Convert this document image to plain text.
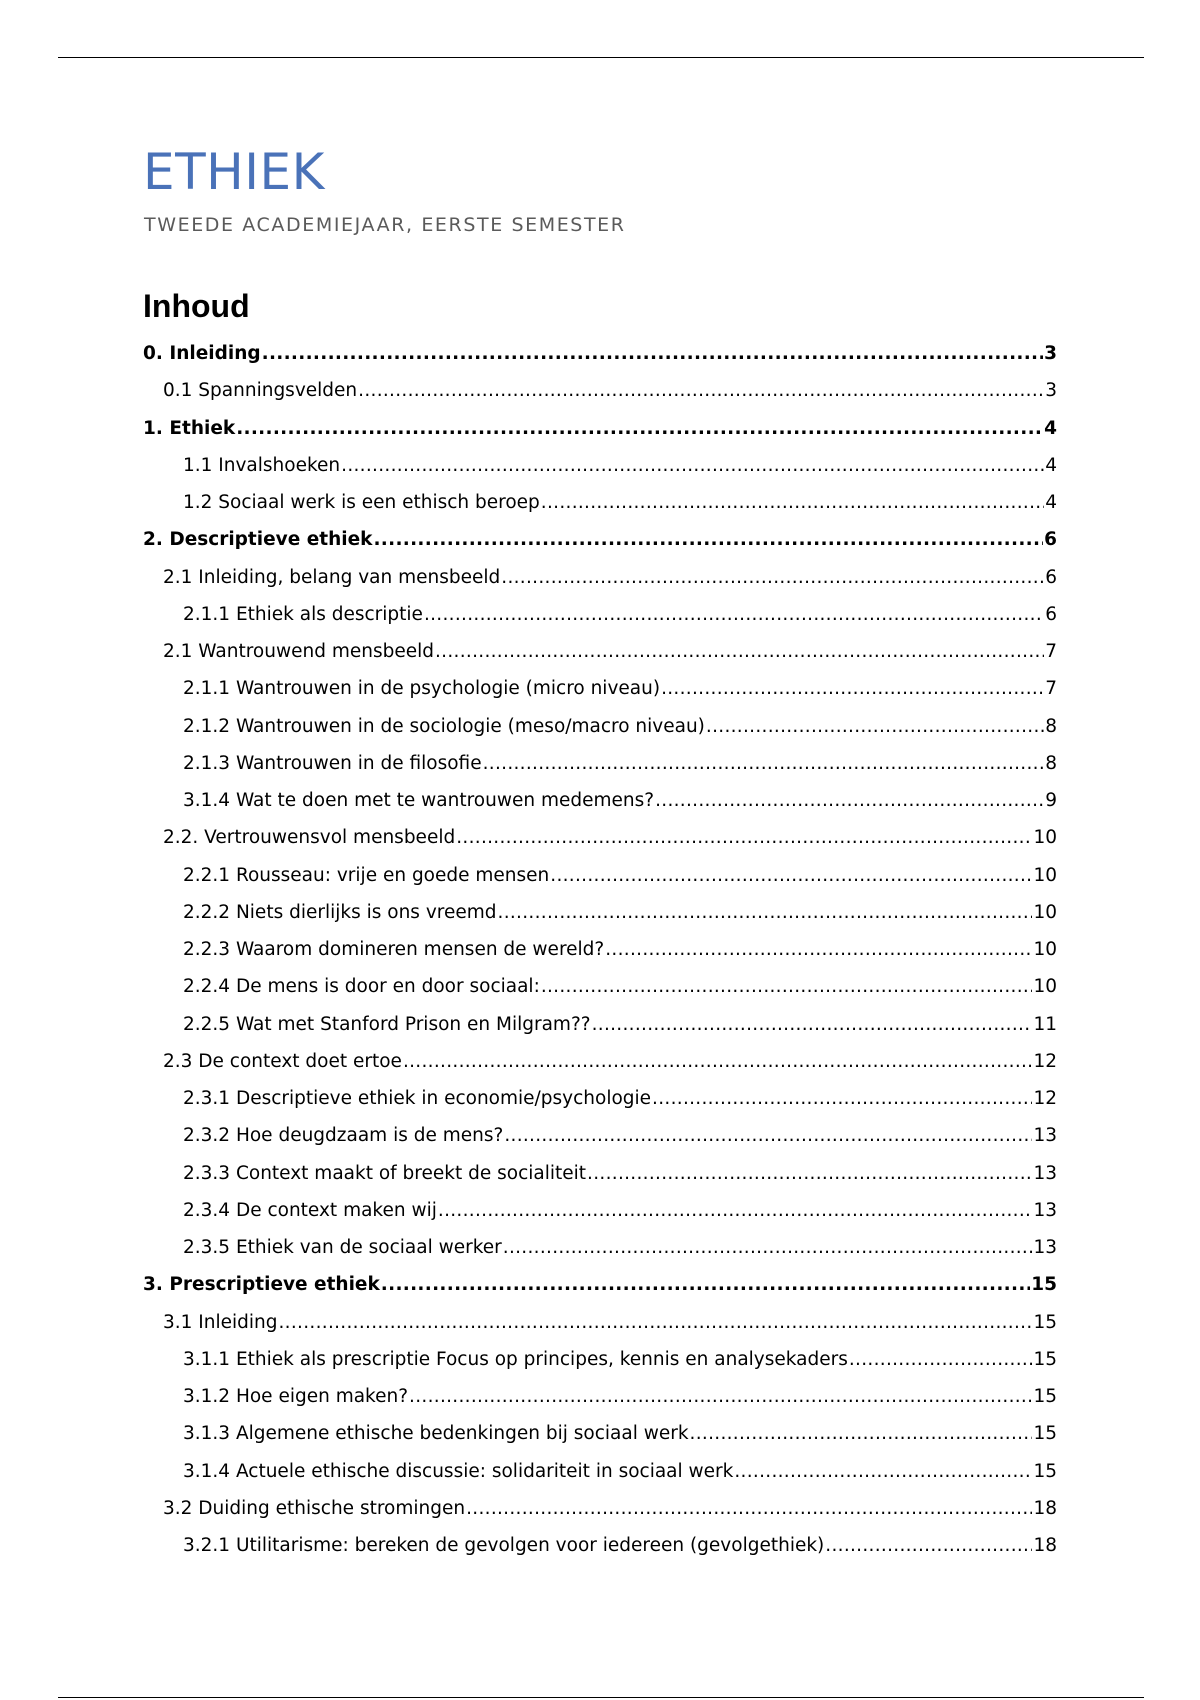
ETHIEK
TWEEDE ACADEMIEJAAR, EERSTE SEMESTER
Inhoud
0. Inleiding .....	3
0.1 Spanningsvelden .....	3
1. Ethiek .....	4
1.1 Invalshoeken .....	4
1.2 Sociaal werk is een ethisch beroep .....	4
2. Descriptieve ethiek .....	6
2.1 Inleiding, belang van mensbeeld .....	6
2.1.1 Ethiek als descriptie .....	6
2.1 Wantrouwend mensbeeld .....	7
2.1.1 Wantrouwen in de psychologie (micro niveau) .....	7
2.1.2 Wantrouwen in de sociologie (meso/macro niveau) .....	8
2.1.3 Wantrouwen in de filosofie .....	8
3.1.4 Wat te doen met te wantrouwen medemens? .....	9
2.2. Vertrouwensvol mensbeeld .....	10
2.2.1 Rousseau: vrije en goede mensen .....	10
2.2.2 Niets dierlijks is ons vreemd .....	10
2.2.3 Waarom domineren mensen de wereld? .....	10
2.2.4 De mens is door en door sociaal: .....	10
2.2.5 Wat met Stanford Prison en Milgram?? .....	11
2.3 De context doet ertoe .....	12
2.3.1 Descriptieve ethiek in economie/psychologie .....	12
2.3.2 Hoe deugdzaam is de mens? .....	13
2.3.3 Context maakt of breekt de socialiteit .....	13
2.3.4 De context maken wij .....	13
2.3.5 Ethiek van de sociaal werker .....	13
3. Prescriptieve ethiek .....	15
3.1 Inleiding .....	15
3.1.1 Ethiek als prescriptie Focus op principes, kennis en analysekaders .....	15
3.1.2 Hoe eigen maken? .....	15
3.1.3 Algemene ethische bedenkingen bij sociaal werk .....	15
3.1.4 Actuele ethische discussie: solidariteit in sociaal werk .....	15
3.2 Duiding ethische stromingen .....	18
3.2.1 Utilitarisme: bereken de gevolgen voor iedereen (gevolgethiek) .....	18
